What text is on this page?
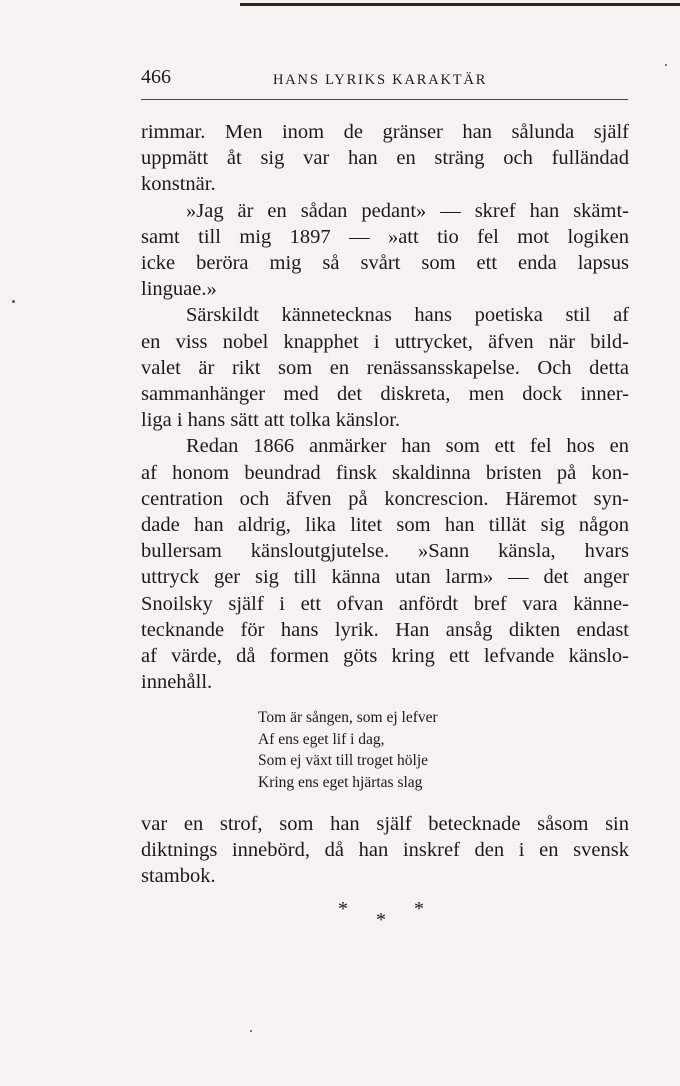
466	HANS LYRIKS KARAKTÄR
rimmar. Men inom de gränser han sålunda själf
uppmätt åt sig var han en sträng och fulländad
konstnär.
»Jag är en sådan pedant» — skref han skämt-
samt till mig 1897 — »att tio fel mot logiken
icke beröra mig så svårt som ett enda lapsus
linguae.»
Särskildt kännetecknas hans poetiska stil af
en viss nobel knapphet i uttrycket, äfven när bild-
valet är rikt som en renässansskapelse. Och detta
sammanhänger med det diskreta, men dock inner-
liga i hans sätt att tolka känslor.
Redan 1866 anmärker han som ett fel hos en
af honom beundrad finsk skaldinna bristen på kon-
centration och äfven på koncrescion. Häremot syn-
dade han aldrig, lika litet som han tillät sig någon
bullersam känsloutgjutelse. »Sann känsla, hvars
uttryck ger sig till känna utan larm» — det anger
Snoilsky själf i ett ofvan anfördt bref vara känne-
tecknande för hans lyrik. Han ansåg dikten endast
af värde, då formen göts kring ett lefvande känslo-
innehåll.
Tom är sången, som ej lefver
Af ens eget lif i dag,
Som ej växt till troget hölje
Kring ens eget hjärtas slag
var en strof, som han själf betecknade såsom sin
diktnings innebörd, då han inskref den i en svensk
stambok.
* * *
